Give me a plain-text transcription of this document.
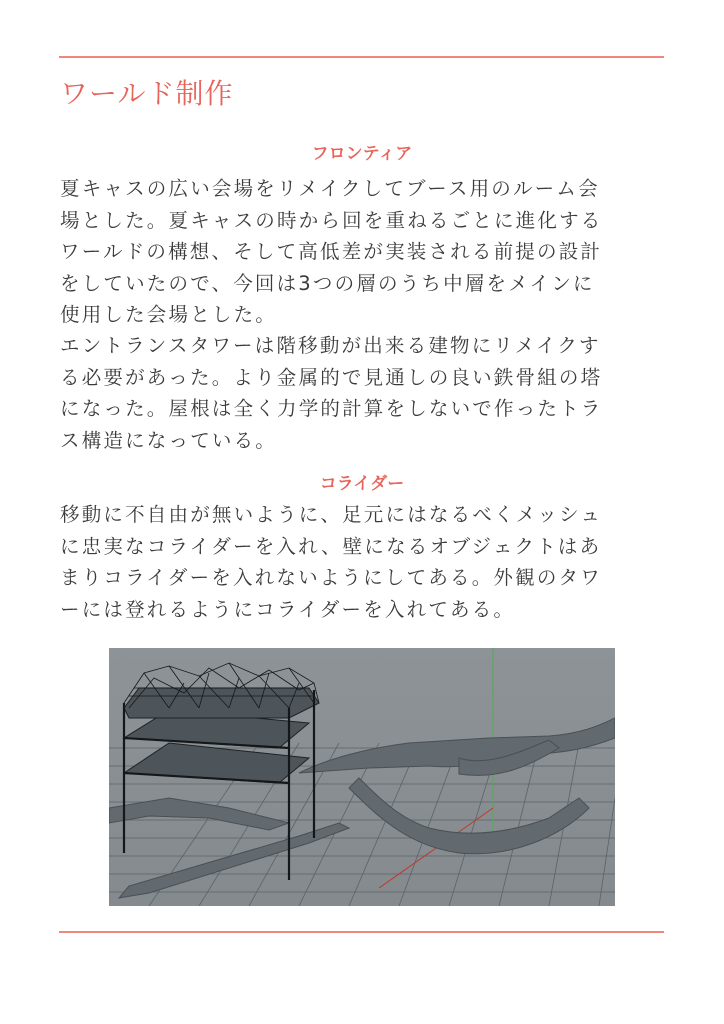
ワールド制作
フロンティア

夏キャスの広い会場をリメイクしてブース用のルーム会
場とした。夏キャスの時から回を重ねるごとに進化する
ワールドの構想、そして高低差が実装される前提の設計
をしていたので、今回は3つの層のうち中層をメインに
使用した会場とした。

エントランスタワーは階移動が出来る建物にリメイクす
る必要があった。より金属的で見通しの良い鉄骨組の塔
になった。屋根は全く力学的計算をしないで作ったトラ
ス構造になっている。

コライダー

移動に不自由が無いように、足元にはなるべくメッシュ
に忠実なコライダーを入れ、壁になるオブジェクトはあ
まりコライダーを入れないようにしてある。外観のタワ
ーには登れるようにコライダーを入れてある。
